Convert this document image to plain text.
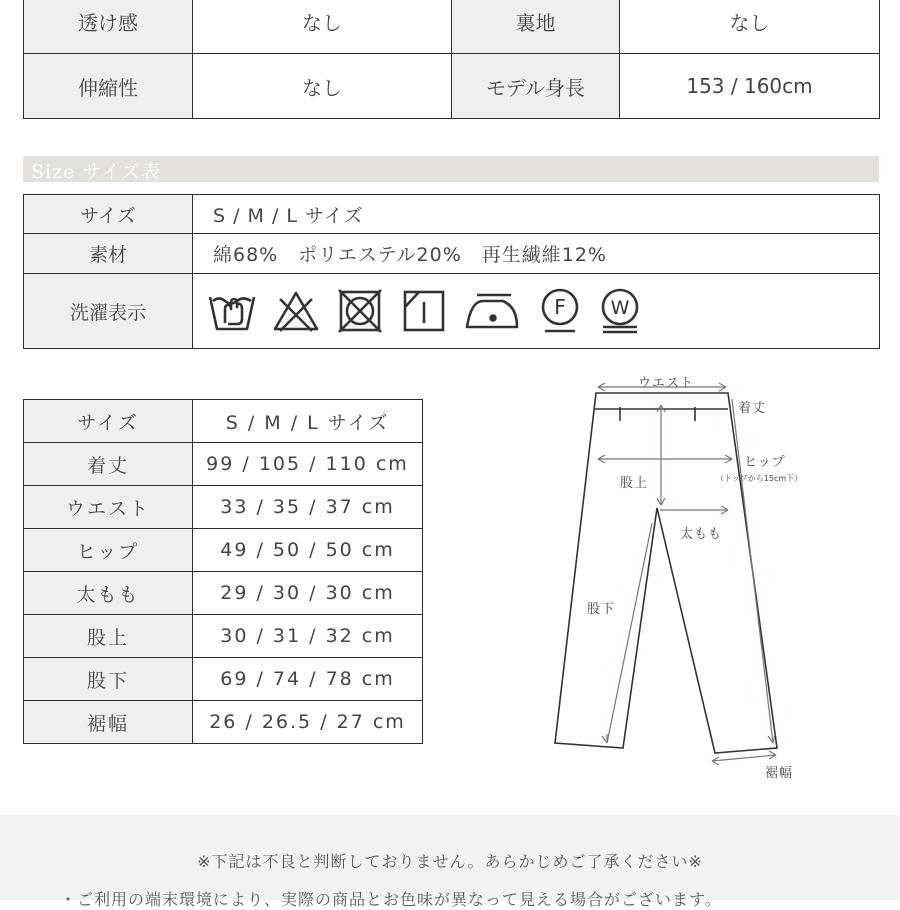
透け感	なし	裏地	なし
伸縮性	なし	モデル身長	153 / 160cm
Size サイズ表
サイズ	S / M / L サイズ
素材	綿68%　ポリエステル20%　再生繊維12%
洗濯表示	F W
サイズ	S / M / L サイズ
着丈	99 / 105 / 110 cm
ウエスト	33 / 35 / 37 cm
ヒップ	49 / 50 / 50 cm
太もも	29 / 30 / 30 cm
股上	30 / 31 / 32 cm
股下	69 / 74 / 78 cm
裾幅	26 / 26.5 / 27 cm
ウエスト
着丈
ヒップ
（トップから15cm下）
股上
太もも
股下
裾幅
※下記は不良と判断しておりません。あらかじめご了承ください※
・ご利用の端末環境により、実際の商品とお色味が異なって見える場合がございます。
